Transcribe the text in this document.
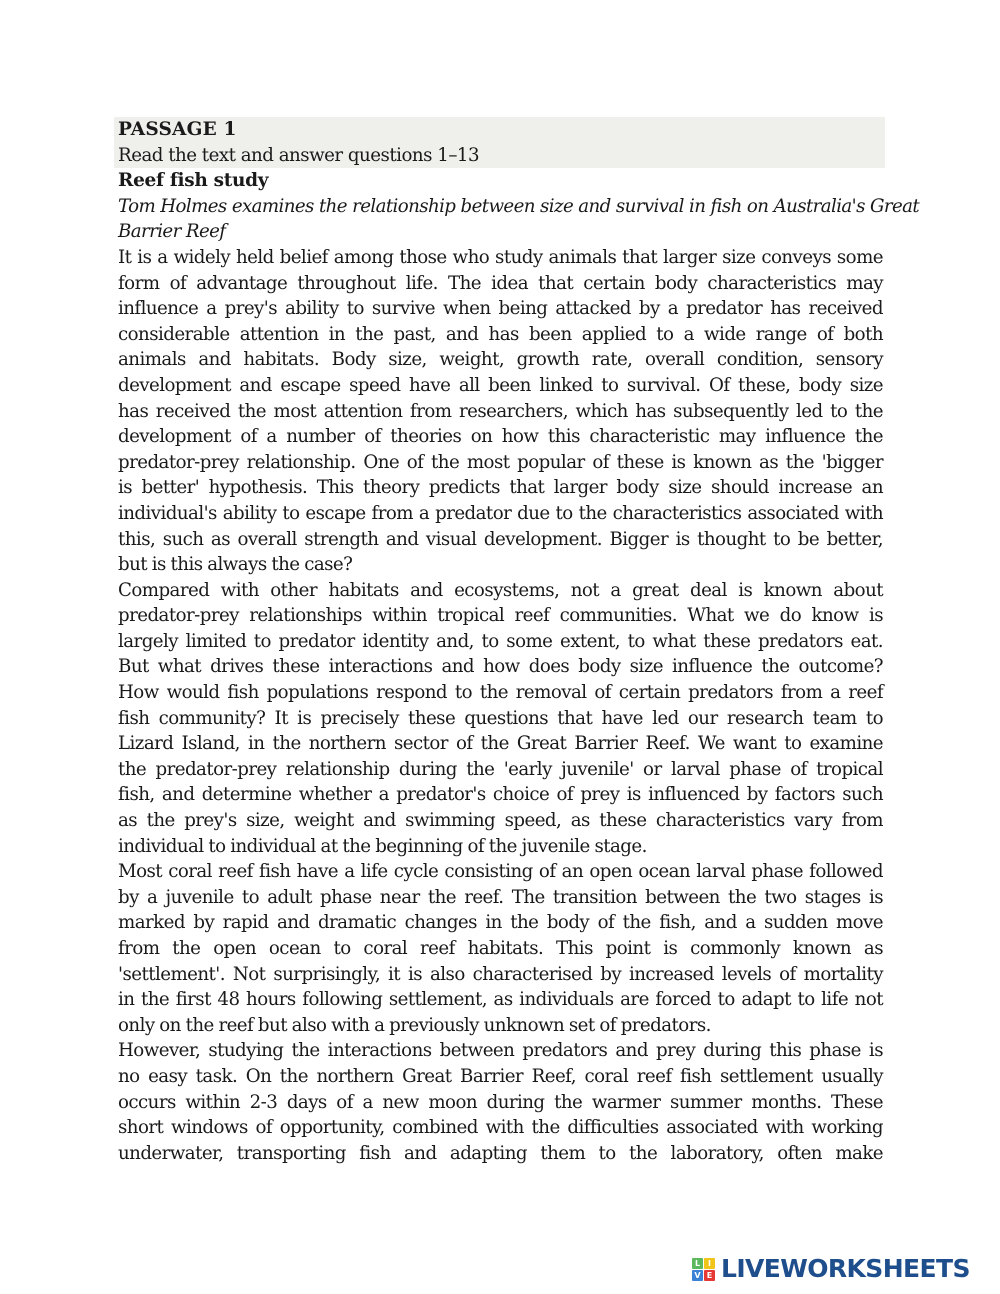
PASSAGE 1
Read the text and answer questions 1–13
Reef fish study
Tom Holmes examines the relationship between size and survival in fish on Australia's Great
Barrier Reef
It is a widely held belief among those who study animals that larger size conveys some
form of advantage throughout life. The idea that certain body characteristics may
influence a prey's ability to survive when being attacked by a predator has received
considerable attention in the past, and has been applied to a wide range of both
animals and habitats. Body size, weight, growth rate, overall condition, sensory
development and escape speed have all been linked to survival. Of these, body size
has received the most attention from researchers, which has subsequently led to the
development of a number of theories on how this characteristic may influence the
predator-prey relationship. One of the most popular of these is known as the 'bigger
is better' hypothesis. This theory predicts that larger body size should increase an
individual's ability to escape from a predator due to the characteristics associated with
this, such as overall strength and visual development. Bigger is thought to be better,
but is this always the case?
Compared with other habitats and ecosystems, not a great deal is known about
predator-prey relationships within tropical reef communities. What we do know is
largely limited to predator identity and, to some extent, to what these predators eat.
But what drives these interactions and how does body size influence the outcome?
How would fish populations respond to the removal of certain predators from a reef
fish community? It is precisely these questions that have led our research team to
Lizard Island, in the northern sector of the Great Barrier Reef. We want to examine
the predator-prey relationship during the 'early juvenile' or larval phase of tropical
fish, and determine whether a predator's choice of prey is influenced by factors such
as the prey's size, weight and swimming speed, as these characteristics vary from
individual to individual at the beginning of the juvenile stage.
Most coral reef fish have a life cycle consisting of an open ocean larval phase followed
by a juvenile to adult phase near the reef. The transition between the two stages is
marked by rapid and dramatic changes in the body of the fish, and a sudden move
from the open ocean to coral reef habitats. This point is commonly known as
'settlement'. Not surprisingly, it is also characterised by increased levels of mortality
in the first 48 hours following settlement, as individuals are forced to adapt to life not
only on the reef but also with a previously unknown set of predators.
However, studying the interactions between predators and prey during this phase is
no easy task. On the northern Great Barrier Reef, coral reef fish settlement usually
occurs within 2-3 days of a new moon during the warmer summer months. These
short windows of opportunity, combined with the difficulties associated with working
underwater, transporting fish and adapting them to the laboratory, often make
L I
V E LIVEWORKSHEETS
